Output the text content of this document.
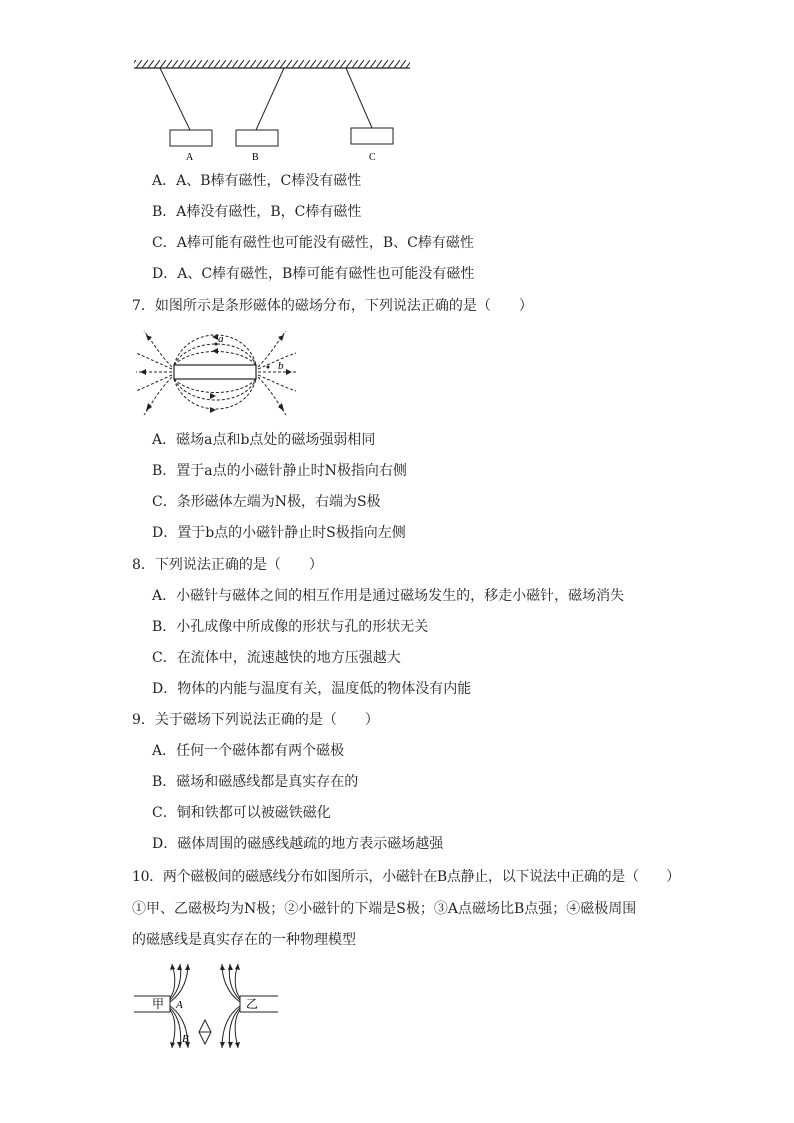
A	B	C
A．A、B棒有磁性，C棒没有磁性
B．A棒没有磁性，B，C棒有磁性
C．A棒可能有磁性也可能没有磁性，B、C棒有磁性
D．A、C棒有磁性，B棒可能有磁性也可能没有磁性
7．如图所示是条形磁体的磁场分布，下列说法正确的是（　　）
a
b
A．磁场a点和b点处的磁场强弱相同
B．置于a点的小磁针静止时N极指向右侧
C．条形磁体左端为N极，右端为S极
D．置于b点的小磁针静止时S极指向左侧
8．下列说法正确的是（　　）
A．小磁针与磁体之间的相互作用是通过磁场发生的，移走小磁针，磁场消失
B．小孔成像中所成像的形状与孔的形状无关
C．在流体中，流速越快的地方压强越大
D．物体的内能与温度有关，温度低的物体没有内能
9．关于磁场下列说法正确的是（　　）
A．任何一个磁体都有两个磁极
B．磁场和磁感线都是真实存在的
C．铜和铁都可以被磁铁磁化
D．磁体周围的磁感线越疏的地方表示磁场越强
10．两个磁极间的磁感线分布如图所示，小磁针在B点静止，以下说法中正确的是（　　）
①甲、乙磁极均为N极；②小磁针的下端是S极；③A点磁场比B点强；④磁极周围
的磁感线是真实存在的一种物理模型
甲	乙
A
B
